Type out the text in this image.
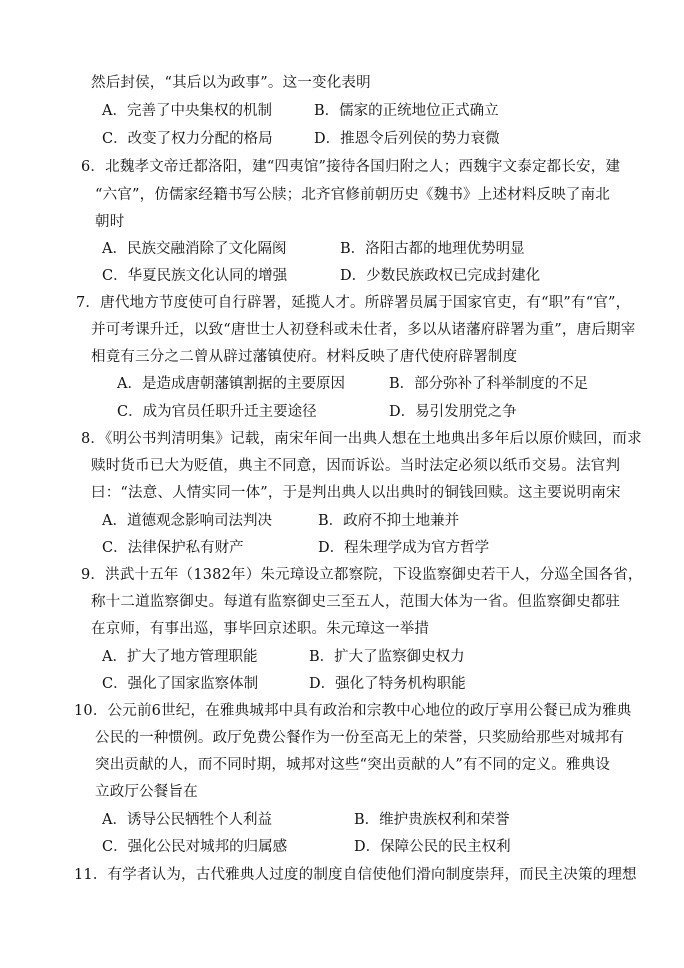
然后封侯，“其后以为政事”。这一变化表明
A．完善了中央集权的机制	B．儒家的正统地位正式确立
C．改变了权力分配的格局	D．推恩令后列侯的势力衰微
6．北魏孝文帝迁都洛阳，建“四夷馆”接待各国归附之人；西魏宇文泰定都长安，建
“六官”，仿儒家经籍书写公牍；北齐官修前朝历史《魏书》上述材料反映了南北
朝时
A．民族交融消除了文化隔阂	B．洛阳古都的地理优势明显
C．华夏民族文化认同的增强	D．少数民族政权已完成封建化
7．唐代地方节度使可自行辟署，延揽人才。所辟署员属于国家官吏，有“职”有“官”，
并可考课升迁，以致“唐世士人初登科或未仕者，多以从诸藩府辟署为重”，唐后期宰
相竟有三分之二曾从辟过藩镇使府。材料反映了唐代使府辟署制度
A．是造成唐朝藩镇割据的主要原因	B．部分弥补了科举制度的不足
C．成为官员任职升迁主要途径	D．易引发朋党之争
8．《明公书判清明集》记载，南宋年间一出典人想在土地典出多年后以原价赎回，而求
赎时货币已大为贬值，典主不同意，因而诉讼。当时法定必须以纸币交易。法官判
曰：“法意、人情实同一体”，于是判出典人以出典时的铜钱回赎。这主要说明南宋
A．道德观念影响司法判决	B．政府不抑土地兼并
C．法律保护私有财产	D．程朱理学成为官方哲学
9．洪武十五年（1382年）朱元璋设立都察院，下设监察御史若干人，分巡全国各省，
称十二道监察御史。每道有监察御史三至五人，范围大体为一省。但监察御史都驻
在京师，有事出巡，事毕回京述职。朱元璋这一举措
A．扩大了地方管理职能	B．扩大了监察御史权力
C．强化了国家监察体制	D．强化了特务机构职能
10．公元前6世纪，在雅典城邦中具有政治和宗教中心地位的政厅享用公餐已成为雅典
公民的一种惯例。政厅免费公餐作为一份至高无上的荣誉，只奖励给那些对城邦有
突出贡献的人，而不同时期，城邦对这些“突出贡献的人”有不同的定义。雅典设
立政厅公餐旨在
A．诱导公民牺牲个人利益	B．维护贵族权利和荣誉
C．强化公民对城邦的归属感	D．保障公民的民主权利
11．有学者认为，古代雅典人过度的制度自信使他们滑向制度崇拜，而民主决策的理想
